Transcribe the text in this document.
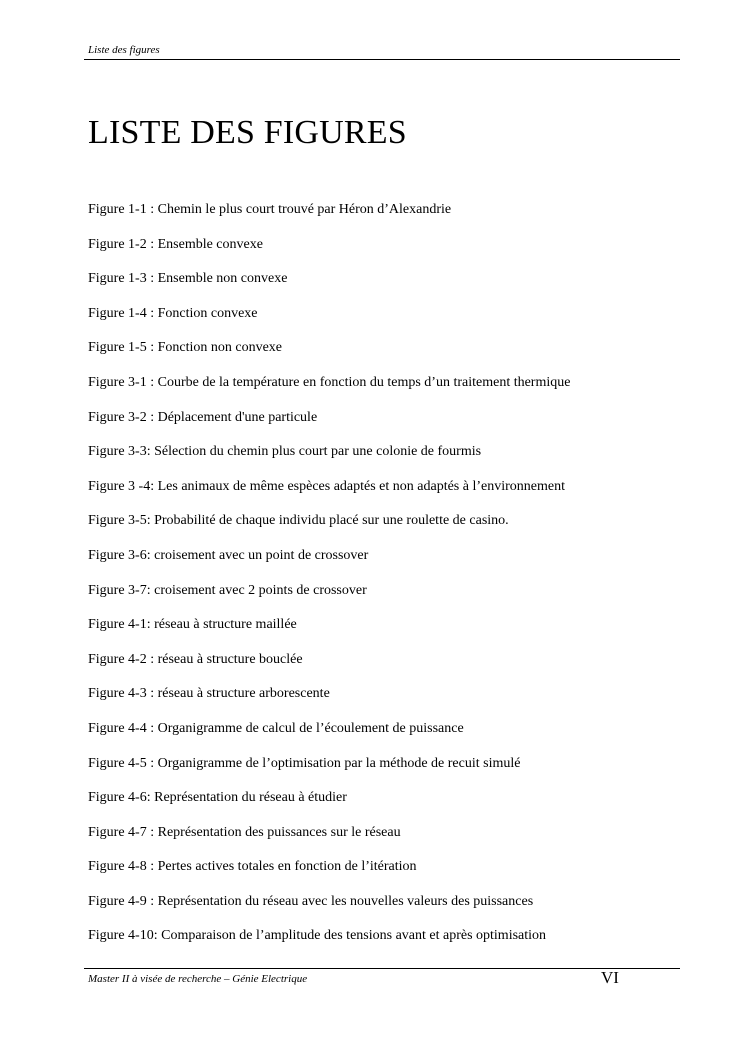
Liste des figures
LISTE DES FIGURES
Figure 1-1 : Chemin le plus court trouvé par Héron d’Alexandrie
Figure 1-2 : Ensemble convexe
Figure 1-3 : Ensemble non convexe
Figure 1-4 : Fonction convexe
Figure 1-5 : Fonction non convexe
Figure 3-1 : Courbe de la température en fonction du temps d’un traitement thermique
Figure 3-2 : Déplacement d'une particule
Figure 3-3: Sélection du chemin plus court par une colonie de fourmis
Figure 3 -4: Les animaux de même espèces adaptés et non adaptés à l’environnement
Figure 3-5: Probabilité de chaque individu placé sur une roulette de casino.
Figure 3-6: croisement avec un point de crossover
Figure 3-7: croisement avec 2 points de crossover
Figure 4-1: réseau à structure maillée
Figure 4-2 : réseau à structure bouclée
Figure 4-3 : réseau à structure arborescente
Figure 4-4 : Organigramme de calcul de l’écoulement de puissance
Figure 4-5 : Organigramme de l’optimisation par la méthode de recuit simulé
Figure 4-6: Représentation du réseau à étudier
Figure 4-7 : Représentation des puissances sur le réseau
Figure 4-8 : Pertes actives totales en fonction de l’itération
Figure 4-9 : Représentation du réseau avec les nouvelles valeurs des puissances
Figure 4-10: Comparaison de l’amplitude des tensions avant et après optimisation
Master II à visée de recherche – Génie Electrique	VI
